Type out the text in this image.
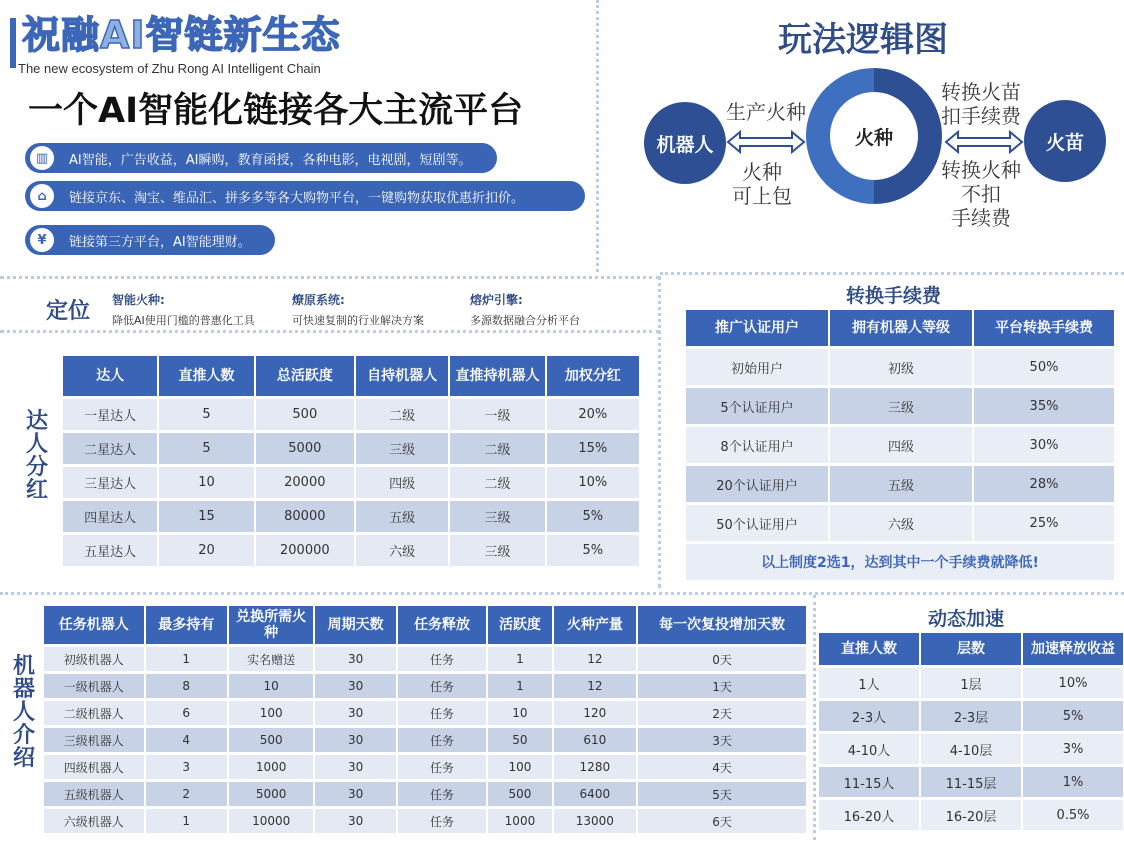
祝融AI智链新生态
The new ecosystem of Zhu Rong AI Intelligent Chain
一个AI智能化链接各大主流平台
▥	AI智能，广告收益，AI瞬购，教育函授，各种电影，电视剧，短剧等。
⌂	链接京东、淘宝、维品汇、拼多多等各大购物平台，一键购物获取优惠折扣价。
¥	链接第三方平台，AI智能理财。
玩法逻辑图
机器人	火种	火苗
生产火种
火种
可上包
转换火苗
扣手续费
转换火种
不扣
手续费
定位 智能火种:
降低AI使用门槛的普惠化工具
燎原系统:
可快速复制的行业解决方案
熔炉引擎:
多源数据融合分析平台
达人分红
达人	直推人数	总活跃度	自持机器人	直推持机器人	加权分红
一星达人	5	500	二级	一级	20%
二星达人	5	5000	三级	二级	15%
三星达人	10	20000	四级	二级	10%
四星达人	15	80000	五级	三级	5%
五星达人	20	200000	六级	三级	5%
转换手续费
推广认证用户	拥有机器人等级	平台转换手续费
初始用户	初级	50%
5个认证用户	三级	35%
8个认证用户	四级	30%
20个认证用户	五级	28%
50个认证用户	六级	25%
以上制度2选1，达到其中一个手续费就降低!		
机器人介绍
任务机器人	最多持有	兑换所需火种	周期天数	任务释放	活跃度	火种产量	每一次复投增加天数
初级机器人	1	实名赠送	30	任务	1	12	0天
一级机器人	8	10	30	任务	1	12	1天
二级机器人	6	100	30	任务	10	120	2天
三级机器人	4	500	30	任务	50	610	3天
四级机器人	3	1000	30	任务	100	1280	4天
五级机器人	2	5000	30	任务	500	6400	5天
六级机器人	1	10000	30	任务	1000	13000	6天
动态加速
直推人数	层数	加速释放收益
1人	1层	10%
2-3人	2-3层	5%
4-10人	4-10层	3%
11-15人	11-15层	1%
16-20人	16-20层	0.5%
